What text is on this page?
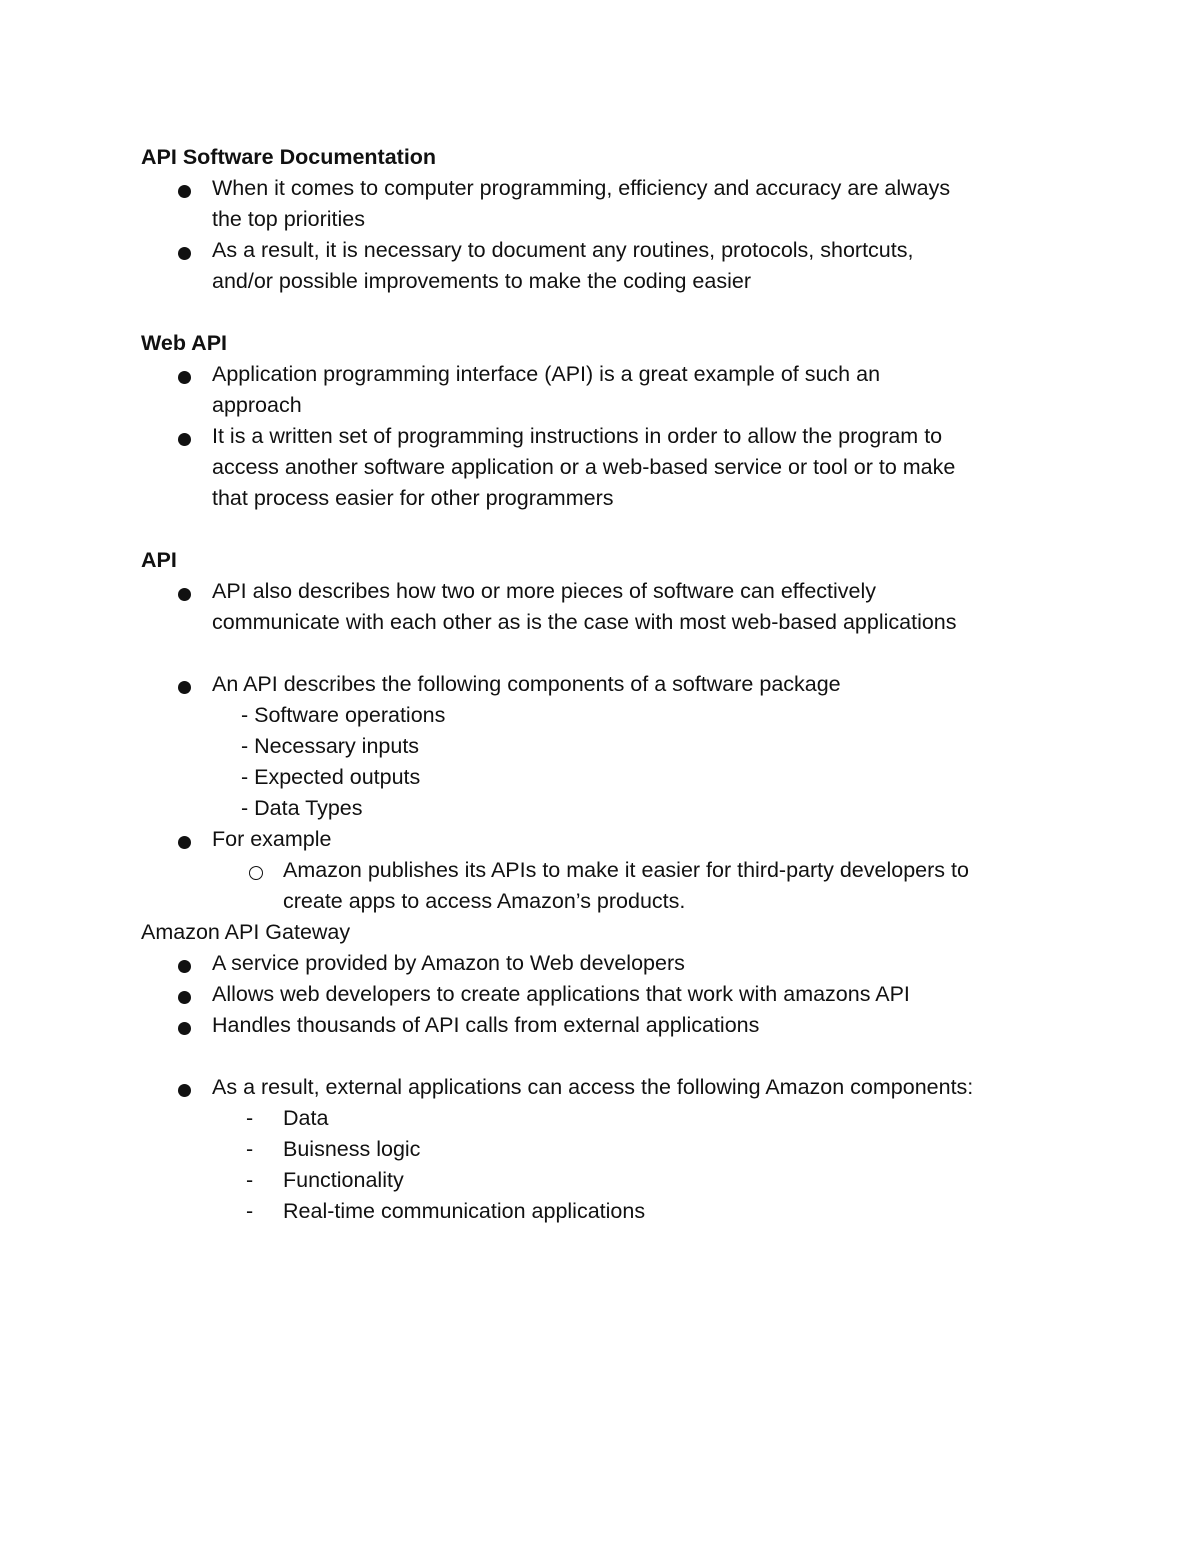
API Software Documentation
When it comes to computer programming, efficiency and accuracy are always
the top priorities
As a result, it is necessary to document any routines, protocols, shortcuts,
and/or possible improvements to make the coding easier
Web API
Application programming interface (API) is a great example of such an
approach
It is a written set of programming instructions in order to allow the program to
access another software application or a web-based service or tool or to make
that process easier for other programmers
API
API also describes how two or more pieces of software can effectively
communicate with each other as is the case with most web-based applications
An API describes the following components of a software package
- Software operations
- Necessary inputs
- Expected outputs
- Data Types
For example
Amazon publishes its APIs to make it easier for third-party developers to
create apps to access Amazon’s products.
Amazon API Gateway
A service provided by Amazon to Web developers
Allows web developers to create applications that work with amazons API
Handles thousands of API calls from external applications
As a result, external applications can access the following Amazon components:
- Data
- Buisness logic
- Functionality
- Real-time communication applications
